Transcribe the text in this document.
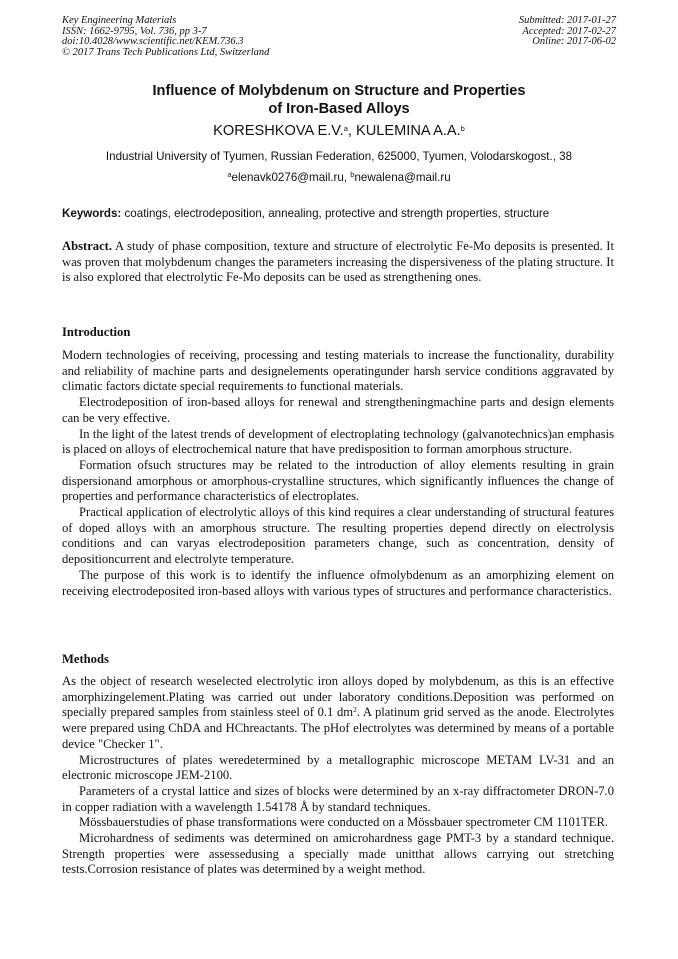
Key Engineering Materials
ISSN: 1662-9795, Vol. 736, pp 3-7
doi:10.4028/www.scientific.net/KEM.736.3
© 2017 Trans Tech Publications Ltd, Switzerland
Submitted: 2017-01-27
Accepted: 2017-02-27
Online: 2017-06-02
Influence of Molybdenum on Structure and Properties
of Iron-Based Alloys
KORESHKOVA E.V.$^a$, KULEMINA A.A.$^b$
Industrial University of Tyumen, Russian Federation, 625000, Tyumen, Volodarskogost., 38
$^a$elenavk0276@mail.ru, $^b$newalena@mail.ru
Keywords: coatings, electrodeposition, annealing, protective and strength properties, structure

Abstract. A study of phase composition, texture and structure of electrolytic Fe-Mo deposits is presented. It was proven that molybdenum changes the parameters increasing the dispersiveness of the plating structure. It is also explored that electrolytic Fe-Mo deposits can be used as strengthening ones.

Introduction

Modern technologies of receiving, processing and testing materials to increase the functionality, durability and reliability of machine parts and designelements operatingunder harsh service conditions aggravated by climatic factors dictate special requirements to functional materials.

Electrodeposition of iron-based alloys for renewal and strengtheningmachine parts and design elements can be very effective.

In the light of the latest trends of development of electroplating technology (galvanotechnics)an emphasis is placed on alloys of electrochemical nature that have predisposition to forman amorphous structure.

Formation ofsuch structures may be related to the introduction of alloy elements resulting in grain dispersionand amorphous or amorphous-crystalline structures, which significantly influences the change of properties and performance characteristics of electroplates.

Practical application of electrolytic alloys of this kind requires a clear understanding of structural features of doped alloys with an amorphous structure. The resulting properties depend directly on electrolysis conditions and can varyas electrodeposition parameters change, such as concentration, density of depositioncurrent and electrolyte temperature.

The purpose of this work is to identify the influence ofmolybdenum as an amorphizing element on receiving electrodeposited iron-based alloys with various types of structures and performance characteristics.

Methods

As the object of research weselected electrolytic iron alloys doped by molybdenum, as this is an effective amorphizingelement.Plating was carried out under laboratory conditions.Deposition was performed on specially prepared samples from stainless steel of 0.1 $dm^2$. A platinum grid served as the anode. Electrolytes were prepared using ChDA and HChreactants. The pHof electrolytes was determined by means of a portable device "Checker 1".

Microstructures of plates weredetermined by a metallographic microscope METAM LV-31 and an electronic microscope JEM-2100.

Parameters of a crystal lattice and sizes of blocks were determined by an x-ray diffractometer DRON-7.0 in copper radiation with a wavelength 1.54178 Å by standard techniques.

Mössbauerstudies of phase transformations were conducted on a Mössbauer spectrometer CM 1101TER.

Microhardness of sediments was determined on amicrohardness gage PMT-3 by a standard technique. Strength properties were assessedusing a specially made unitthat allows carrying out stretching tests.Corrosion resistance of plates was determined by a weight method.
